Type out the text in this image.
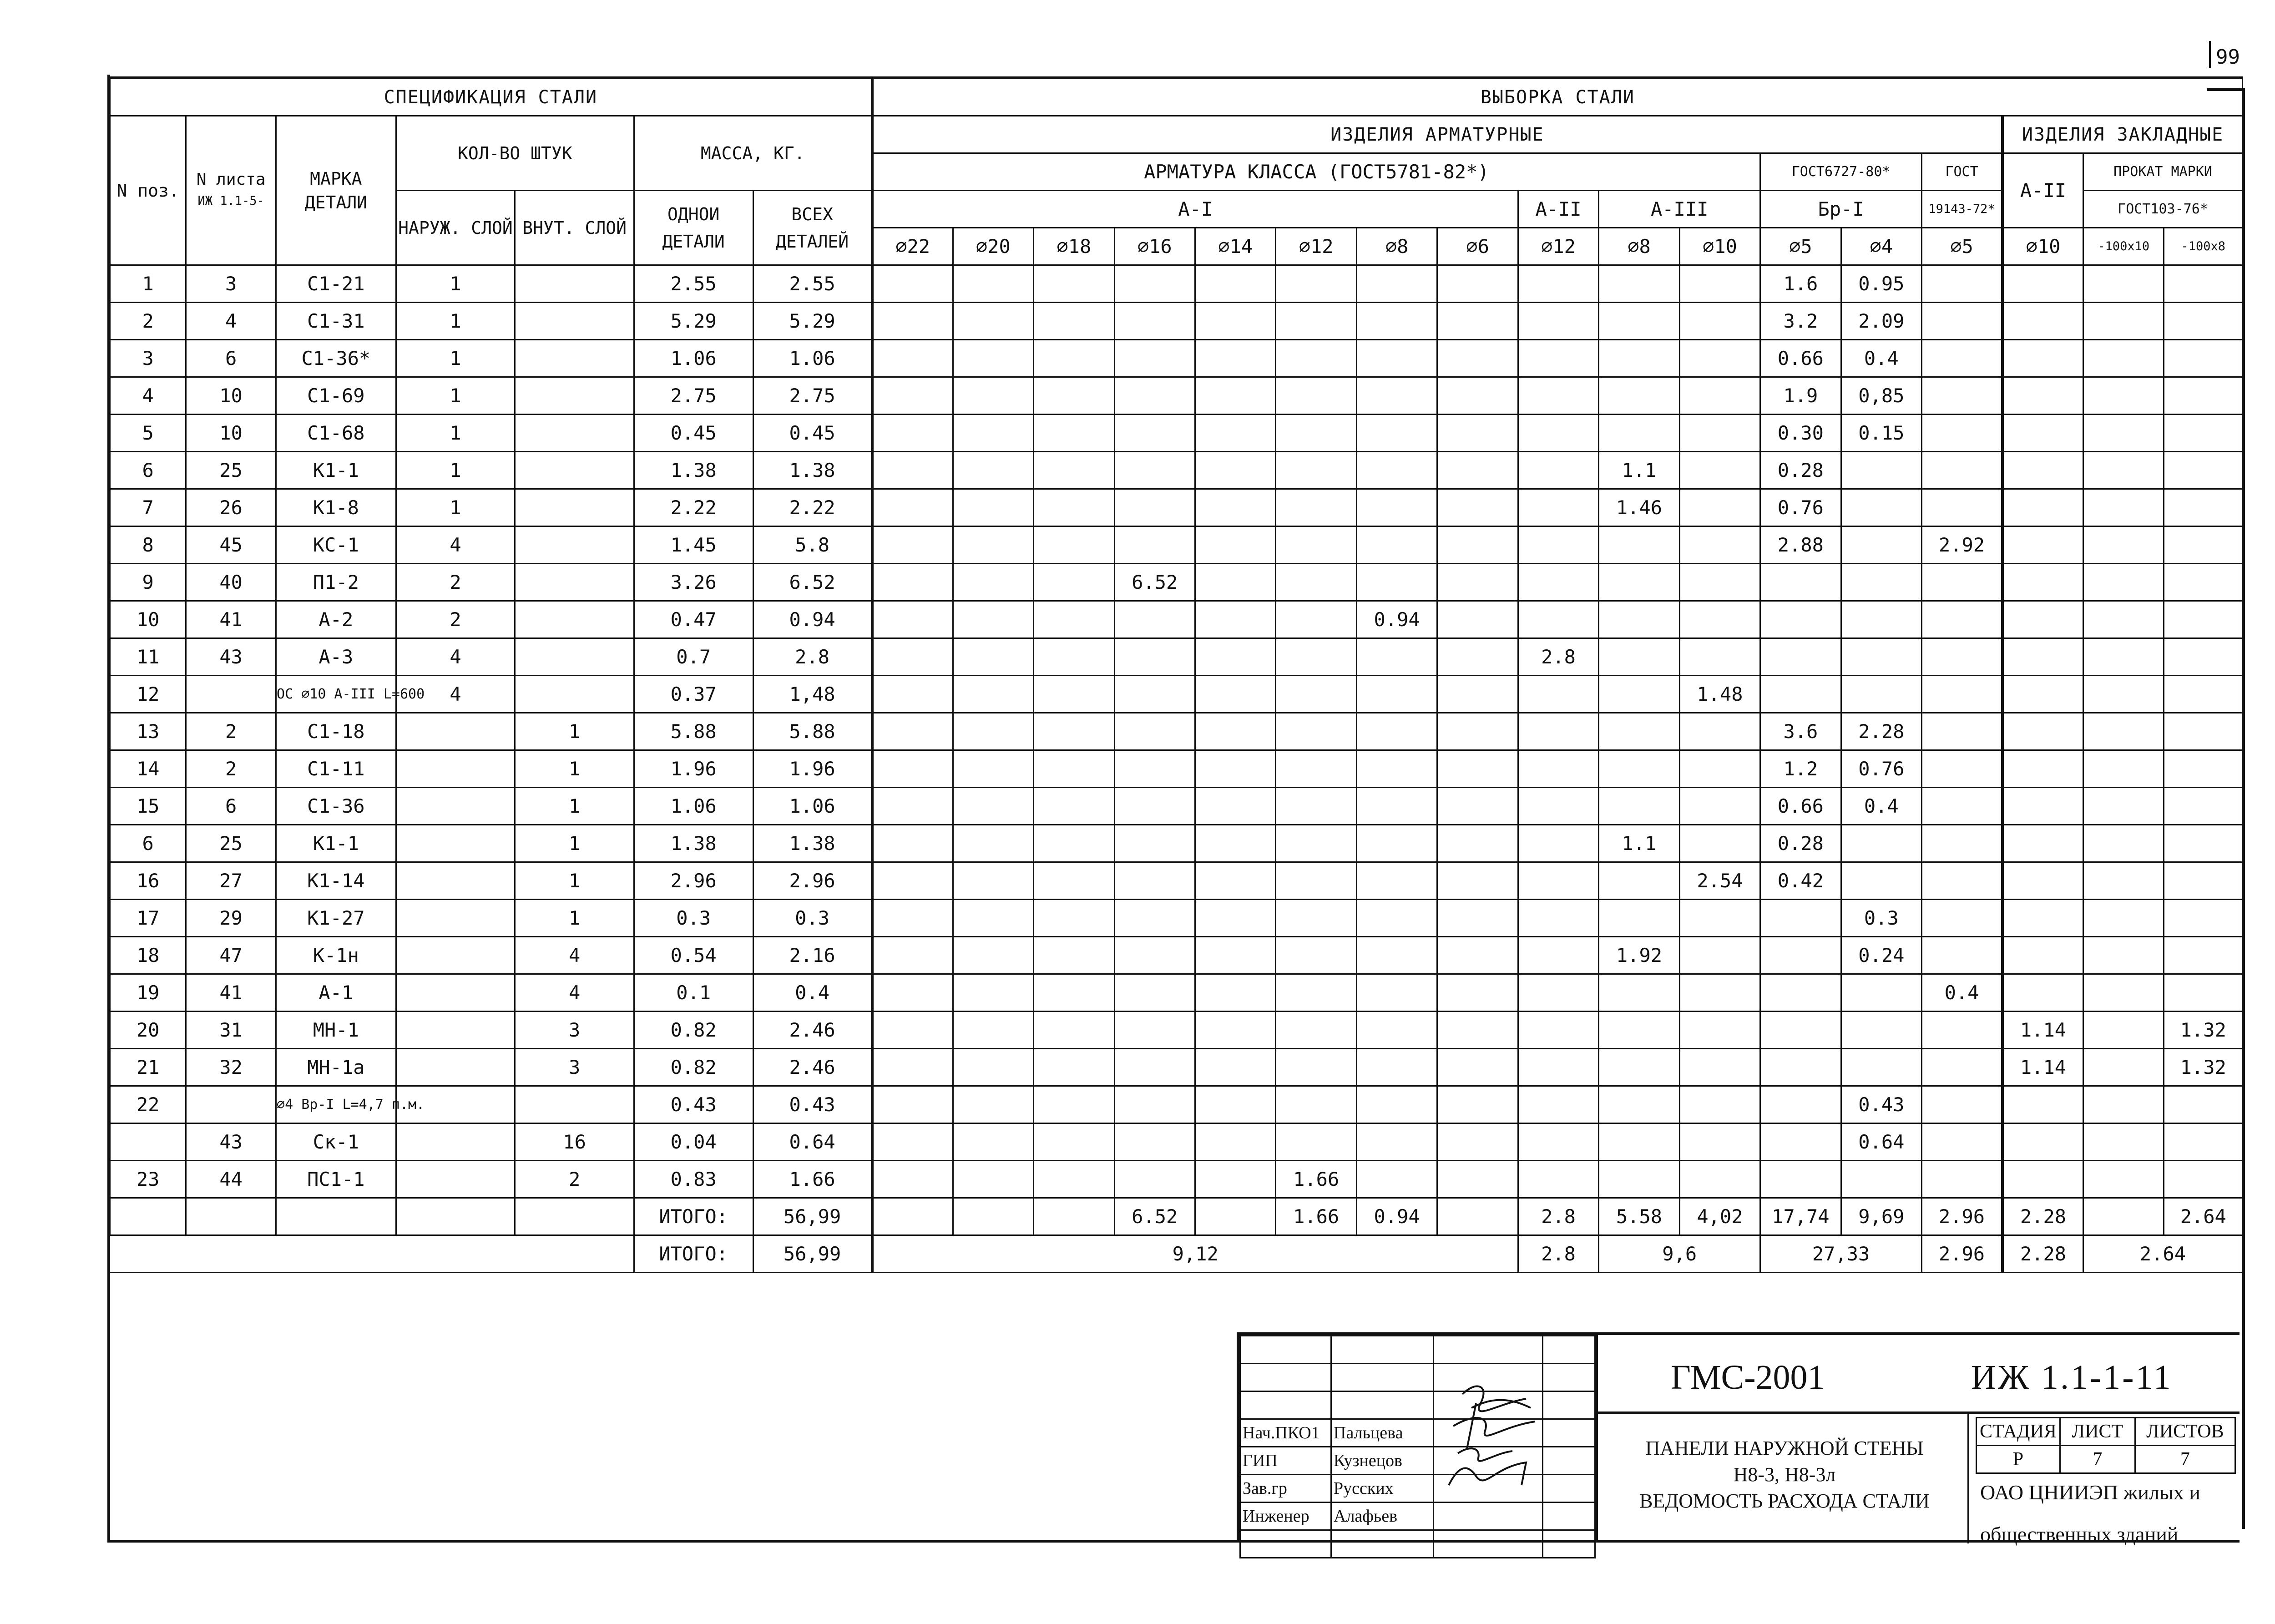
99
СПЕЦИФИКАЦИЯ СТАЛИ							ВЫБОРКА СТАЛИ																
N поз.	N листа
ИЖ 1.1-5-	МАРКА ДЕТАЛИ	КОЛ-ВО ШТУК		МАССА, КГ.		ИЗДЕЛИЯ АРМАТУРНЫЕ														ИЗДЕЛИЯ ЗАКЛАДНЫЕ		
							АРМАТУРА КЛАССА (ГОСТ5781-82*)											ГОСТ6727-80*		ГОСТ	А-II	ПРОКАТ МАРКИ	
			НАРУЖ. СЛОЙ	ВНУТ. СЛОЙ	ОДНОИ ДЕТАЛИ	ВСЕХ ДЕТАЛЕЙ	А-I								А-II	А-III		Бр-I		19143-72*		ГОСТ103-76*	
							⌀22	⌀20	⌀18	⌀16	⌀14	⌀12	⌀8	⌀6	⌀12	⌀8	⌀10	⌀5	⌀4	⌀5	⌀10	-100x10	-100x8
1	3	С1-21	1		2.55	2.55												1.6	0.95				
2	4	С1-31	1		5.29	5.29												3.2	2.09				
3	6	С1-36*	1		1.06	1.06												0.66	0.4				
4	10	С1-69	1		2.75	2.75												1.9	0,85				
5	10	С1-68	1		0.45	0.45												0.30	0.15				
6	25	К1-1	1		1.38	1.38										1.1		0.28					
7	26	К1-8	1		2.22	2.22										1.46		0.76					
8	45	КС-1	4		1.45	5.8												2.88		2.92			
9	40	П1-2	2		3.26	6.52				6.52													
10	41	А-2	2		0.47	0.94							0.94										
11	43	А-3	4		0.7	2.8									2.8								
12		ОС ⌀10 А-III L=600	4		0.37	1,48											1.48						
13	2	С1-18		1	5.88	5.88												3.6	2.28				
14	2	С1-11		1	1.96	1.96												1.2	0.76				
15	6	С1-36		1	1.06	1.06												0.66	0.4				
6	25	К1-1		1	1.38	1.38										1.1		0.28					
16	27	К1-14		1	2.96	2.96											2.54	0.42					
17	29	К1-27		1	0.3	0.3													0.3				
18	47	К-1н		4	0.54	2.16										1.92			0.24				
19	41	А-1		4	0.1	0.4														0.4			
20	31	МН-1		3	0.82	2.46															1.14		1.32
21	32	МН-1а		3	0.82	2.46															1.14		1.32
22		⌀4 Вр-I L=4,7 п.м.			0.43	0.43													0.43				
	43	Ск-1		16	0.04	0.64													0.64				
23	44	ПС1-1		2	0.83	1.66						1.66											
					ИТОГО:	56,99				6.52		1.66	0.94		2.8	5.58	4,02	17,74	9,69	2.96	2.28		2.64
					ИТОГО:	56,99	9,12								2.8	9,6		27,33		2.96	2.28	2.64	

Нач.ПКО1	Пальцева		
ГИП	Кузнецов		
Зав.гр	Русских		
Инженер	Алафьев		

ГМС-2001	ИЖ 1.1-1-11
ПАНЕЛИ НАРУЖНОЙ СТЕНЫ
Н8-3, Н8-3л
ВЕДОМОСТЬ РАСХОДА СТАЛИ
СТАДИЯ	ЛИСТ	ЛИСТОВ
Р	7	7
ОАО ЦНИИЭП жилых и
общественных зданий
